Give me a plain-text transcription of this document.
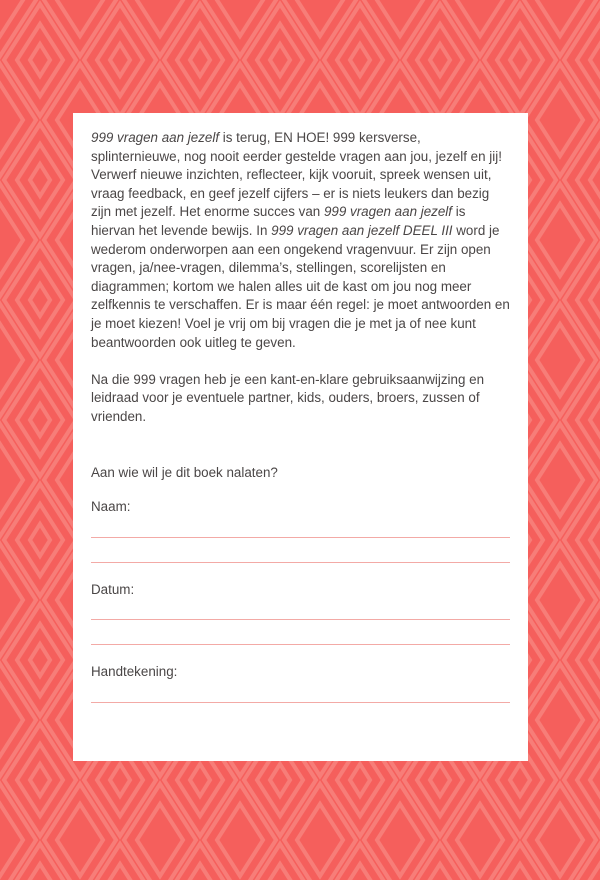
999 vragen aan jezelf is terug, EN HOE! 999 kersverse, splinternieuwe, nog nooit eerder gestelde vragen aan jou, jezelf en jij! Verwerf nieuwe inzichten, reflecteer, kijk vooruit, spreek wensen uit, vraag feedback, en geef jezelf cijfers – er is niets leukers dan bezig zijn met jezelf. Het enorme succes van 999 vragen aan jezelf is hiervan het levende bewijs. In 999 vragen aan jezelf DEEL III word je wederom onderworpen aan een ongekend vragenvuur. Er zijn open vragen, ja/nee-vragen, dilemma’s, stellingen, scorelijsten en diagrammen; kortom we halen alles uit de kast om jou nog meer zelfkennis te verschaffen. Er is maar één regel: je moet antwoorden en je moet kiezen! Voel je vrij om bij vragen die je met ja of nee kunt beantwoorden ook uitleg te geven.

Na die 999 vragen heb je een kant-en-klare gebruiksaanwijzing en leidraad voor je eventuele partner, kids, ouders, broers, zussen of vrienden.

Aan wie wil je dit boek nalaten?

Naam:

Datum:

Handtekening:
